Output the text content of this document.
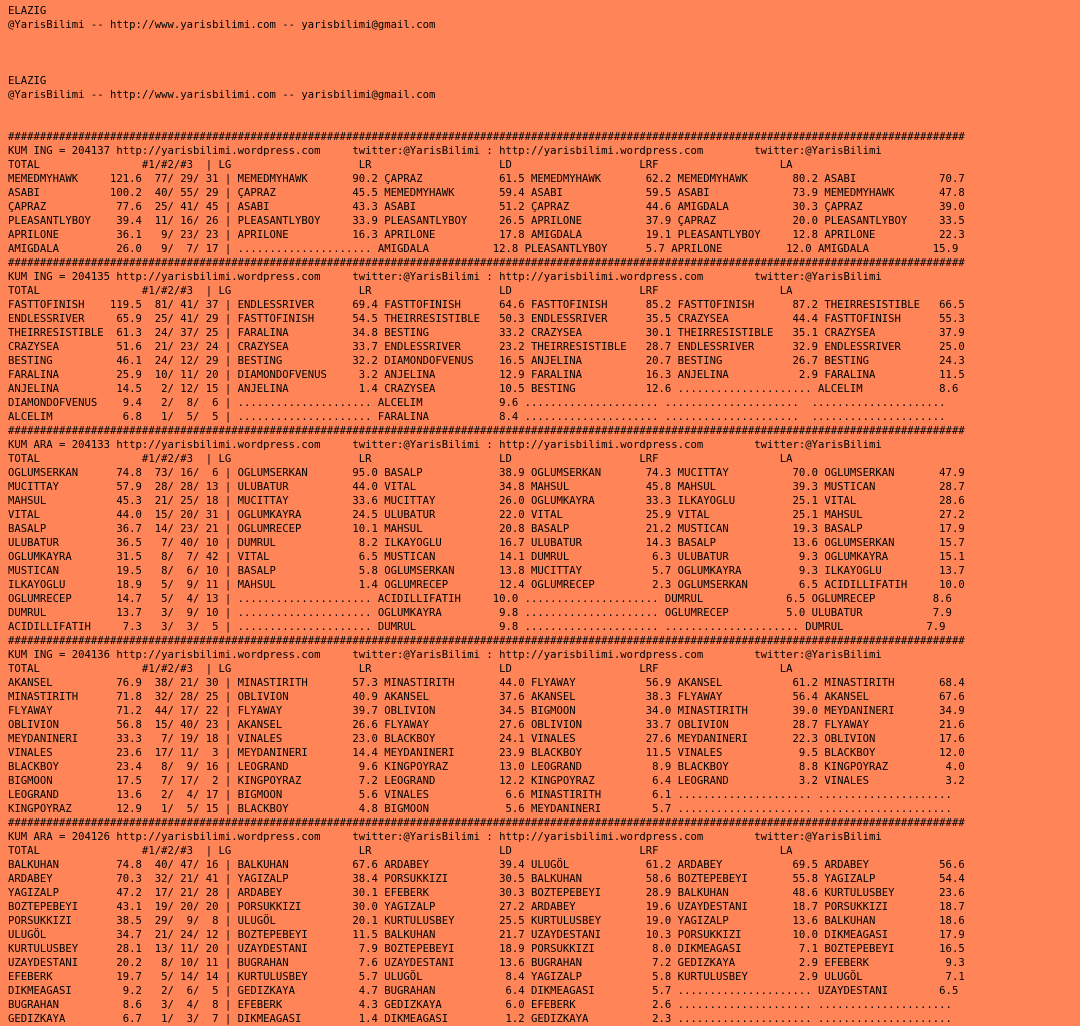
ELAZIG
@YarisBilimi -- http://www.yarisbilimi.com -- yarisbilimi@gmail.com

ELAZIG
@YarisBilimi -- http://www.yarisbilimi.com -- yarisbilimi@gmail.com

######################################################################################################################################################
KUM ING = 204137 http://yarisbilimi.wordpress.com     twitter:@YarisBilimi : http://yarisbilimi.wordpress.com        twitter:@YarisBilimi
TOTAL                #1/#2/#3  | LG                    LR                    LD                    LRF                   LA
MEMEDMYHAWK     121.6  77/ 29/ 31 | MEMEDMYHAWK       90.2 ÇAPRAZ            61.5 MEMEDMYHAWK       62.2 MEMEDMYHAWK       80.2 ASABI             70.7
ASABI           100.2  40/ 55/ 29 | ÇAPRAZ            45.5 MEMEDMYHAWK       59.4 ASABI             59.5 ASABI             73.9 MEMEDMYHAWK       47.8
ÇAPRAZ           77.6  25/ 41/ 45 | ASABI             43.3 ASABI             51.2 ÇAPRAZ            44.6 AMIGDALA          30.3 ÇAPRAZ            39.0
PLEASANTLYBOY    39.4  11/ 16/ 26 | PLEASANTLYBOY     33.9 PLEASANTLYBOY     26.5 APRILONE          37.9 ÇAPRAZ            20.0 PLEASANTLYBOY     33.5
APRILONE         36.1   9/ 23/ 23 | APRILONE          16.3 APRILONE          17.8 AMIGDALA          19.1 PLEASANTLYBOY     12.8 APRILONE          22.3
AMIGDALA         26.0   9/  7/ 17 | ..................... AMIGDALA          12.8 PLEASANTLYBOY      5.7 APRILONE          12.0 AMIGDALA          15.9
######################################################################################################################################################
KUM ING = 204135 http://yarisbilimi.wordpress.com     twitter:@YarisBilimi : http://yarisbilimi.wordpress.com        twitter:@YarisBilimi
TOTAL                #1/#2/#3  | LG                    LR                    LD                    LRF                   LA
FASTTOFINISH    119.5  81/ 41/ 37 | ENDLESSRIVER      69.4 FASTTOFINISH      64.6 FASTTOFINISH      85.2 FASTTOFINISH      87.2 THEIRRESISTIBLE   66.5
ENDLESSRIVER     65.9  25/ 41/ 29 | FASTTOFINISH      54.5 THEIRRESISTIBLE   50.3 ENDLESSRIVER      35.5 CRAZYSEA          44.4 FASTTOFINISH      55.3
THEIRRESISTIBLE  61.3  24/ 37/ 25 | FARALINA          34.8 BESTING           33.2 CRAZYSEA          30.1 THEIRRESISTIBLE   35.1 CRAZYSEA          37.9
CRAZYSEA         51.6  21/ 23/ 24 | CRAZYSEA          33.7 ENDLESSRIVER      23.2 THEIRRESISTIBLE   28.7 ENDLESSRIVER      32.9 ENDLESSRIVER      25.0
BESTING          46.1  24/ 12/ 29 | BESTING           32.2 DIAMONDOFVENUS    16.5 ANJELINA          20.7 BESTING           26.7 BESTING           24.3
FARALINA         25.9  10/ 11/ 20 | DIAMONDOFVENUS     3.2 ANJELINA          12.9 FARALINA          16.3 ANJELINA           2.9 FARALINA          11.5
ANJELINA         14.5   2/ 12/ 15 | ANJELINA           1.4 CRAZYSEA          10.5 BESTING           12.6 ..................... ALCELIM            8.6
DIAMONDOFVENUS    9.4   2/  8/  6 | ..................... ALCELIM            9.6 ..................... .....................  .....................
ALCELIM           6.8   1/  5/  5 | ..................... FARALINA           8.4 ..................... .....................  .....................
######################################################################################################################################################
KUM ARA = 204133 http://yarisbilimi.wordpress.com     twitter:@YarisBilimi : http://yarisbilimi.wordpress.com        twitter:@YarisBilimi
TOTAL                #1/#2/#3  | LG                    LR                    LD                    LRF                   LA
OGLUMSERKAN      74.8  73/ 16/  6 | OGLUMSERKAN       95.0 BASALP            38.9 OGLUMSERKAN       74.3 MUCITTAY          70.0 OGLUMSERKAN       47.9
MUCITTAY         57.9  28/ 28/ 13 | ULUBATUR          44.0 VITAL             34.8 MAHSUL            45.8 MAHSUL            39.3 MUSTICAN          28.7
MAHSUL           45.3  21/ 25/ 18 | MUCITTAY          33.6 MUCITTAY          26.0 OGLUMKAYRA        33.3 ILKAYOGLU         25.1 VITAL             28.6
VITAL            44.0  15/ 20/ 31 | OGLUMKAYRA        24.5 ULUBATUR          22.0 VITAL             25.9 VITAL             25.1 MAHSUL            27.2
BASALP           36.7  14/ 23/ 21 | OGLUMRECEP        10.1 MAHSUL            20.8 BASALP            21.2 MUSTICAN          19.3 BASALP            17.9
ULUBATUR         36.5   7/ 40/ 10 | DUMRUL             8.2 ILKAYOGLU         16.7 ULUBATUR          14.3 BASALP            13.6 OGLUMSERKAN       15.7
OGLUMKAYRA       31.5   8/  7/ 42 | VITAL              6.5 MUSTICAN          14.1 DUMRUL             6.3 ULUBATUR           9.3 OGLUMKAYRA        15.1
MUSTICAN         19.5   8/  6/ 10 | BASALP             5.8 OGLUMSERKAN       13.8 MUCITTAY           5.7 OGLUMKAYRA         9.3 ILKAYOGLU         13.7
ILKAYOGLU        18.9   5/  9/ 11 | MAHSUL             1.4 OGLUMRECEP        12.4 OGLUMRECEP         2.3 OGLUMSERKAN        6.5 ACIDILLIFATIH     10.0
OGLUMRECEP       14.7   5/  4/ 13 | ..................... ACIDILLIFATIH     10.0 ..................... DUMRUL             6.5 OGLUMRECEP         8.6
DUMRUL           13.7   3/  9/ 10 | ..................... OGLUMKAYRA         9.8 ..................... OGLUMRECEP         5.0 ULUBATUR           7.9
ACIDILLIFATIH     7.3   3/  3/  5 | ..................... DUMRUL             9.8 ..................... ..................... DUMRUL             7.9
######################################################################################################################################################
KUM ING = 204136 http://yarisbilimi.wordpress.com     twitter:@YarisBilimi : http://yarisbilimi.wordpress.com        twitter:@YarisBilimi
TOTAL                #1/#2/#3  | LG                    LR                    LD                    LRF                   LA
AKANSEL          76.9  38/ 21/ 30 | MINASTIRITH       57.3 MINASTIRITH       44.0 FLYAWAY           56.9 AKANSEL           61.2 MINASTIRITH       68.4
MINASTIRITH      71.8  32/ 28/ 25 | OBLIVION          40.9 AKANSEL           37.6 AKANSEL           38.3 FLYAWAY           56.4 AKANSEL           67.6
FLYAWAY          71.2  44/ 17/ 22 | FLYAWAY           39.7 OBLIVION          34.5 BIGMOON           34.0 MINASTIRITH       39.0 MEYDANINERI       34.9
OBLIVION         56.8  15/ 40/ 23 | AKANSEL           26.6 FLYAWAY           27.6 OBLIVION          33.7 OBLIVION          28.7 FLYAWAY           21.6
MEYDANINERI      33.3   7/ 19/ 18 | VINALES           23.0 BLACKBOY          24.1 VINALES           27.6 MEYDANINERI       22.3 OBLIVION          17.6
VINALES          23.6  17/ 11/  3 | MEYDANINERI       14.4 MEYDANINERI       23.9 BLACKBOY          11.5 VINALES            9.5 BLACKBOY          12.0
BLACKBOY         23.4   8/  9/ 16 | LEOGRAND           9.6 KINGPOYRAZ        13.0 LEOGRAND           8.9 BLACKBOY           8.8 KINGPOYRAZ         4.0
BIGMOON          17.5   7/ 17/  2 | KINGPOYRAZ         7.2 LEOGRAND          12.2 KINGPOYRAZ         6.4 LEOGRAND           3.2 VINALES            3.2
LEOGRAND         13.6   2/  4/ 17 | BIGMOON            5.6 VINALES            6.6 MINASTIRITH        6.1 ..................... .....................
KINGPOYRAZ       12.9   1/  5/ 15 | BLACKBOY           4.8 BIGMOON            5.6 MEYDANINERI        5.7 ..................... .....................
######################################################################################################################################################
KUM ARA = 204126 http://yarisbilimi.wordpress.com     twitter:@YarisBilimi : http://yarisbilimi.wordpress.com        twitter:@YarisBilimi
TOTAL                #1/#2/#3  | LG                    LR                    LD                    LRF                   LA
BALKUHAN         74.8  40/ 47/ 16 | BALKUHAN          67.6 ARDABEY           39.4 ULUGÖL            61.2 ARDABEY           69.5 ARDABEY           56.6
ARDABEY          70.3  32/ 21/ 41 | YAGIZALP          38.4 PORSUKKIZI        30.5 BALKUHAN          58.6 BOZTEPEBEYI       55.8 YAGIZALP          54.4
YAGIZALP         47.2  17/ 21/ 28 | ARDABEY           30.1 EFEBERK           30.3 BOZTEPEBEYI       28.9 BALKUHAN          48.6 KURTULUSBEY       23.6
BOZTEPEBEYI      43.1  19/ 20/ 20 | PORSUKKIZI        30.0 YAGIZALP          27.2 ARDABEY           19.6 UZAYDESTANI       18.7 PORSUKKIZI        18.7
PORSUKKIZI       38.5  29/  9/  8 | ULUGÖL            20.1 KURTULUSBEY       25.5 KURTULUSBEY       19.0 YAGIZALP          13.6 BALKUHAN          18.6
ULUGÖL           34.7  21/ 24/ 12 | BOZTEPEBEYI       11.5 BALKUHAN          21.7 UZAYDESTANI       10.3 PORSUKKIZI        10.0 DIKMEAGASI        17.9
KURTULUSBEY      28.1  13/ 11/ 20 | UZAYDESTANI        7.9 BOZTEPEBEYI       18.9 PORSUKKIZI         8.0 DIKMEAGASI         7.1 BOZTEPEBEYI       16.5
UZAYDESTANI      20.2   8/ 10/ 11 | BUGRAHAN           7.6 UZAYDESTANI       13.6 BUGRAHAN           7.2 GEDIZKAYA          2.9 EFEBERK            9.3
EFEBERK          19.7   5/ 14/ 14 | KURTULUSBEY        5.7 ULUGÖL             8.4 YAGIZALP           5.8 KURTULUSBEY        2.9 ULUGÖL             7.1
DIKMEAGASI        9.2   2/  6/  5 | GEDIZKAYA          4.7 BUGRAHAN           6.4 DIKMEAGASI         5.7 ..................... UZAYDESTANI        6.5
BUGRAHAN          8.6   3/  4/  8 | EFEBERK            4.3 GEDIZKAYA          6.0 EFEBERK            2.6 ..................... .....................
GEDIZKAYA         6.7   1/  3/  7 | DIKMEAGASI         1.4 DIKMEAGASI         1.2 GEDIZKAYA          2.3 ..................... .....................
